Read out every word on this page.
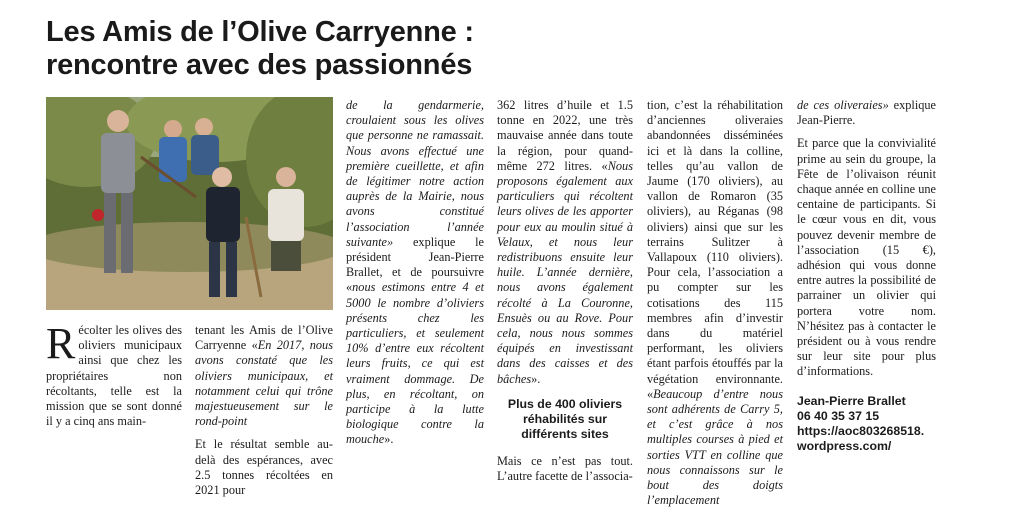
Les Amis de l’Olive Carryenne :
rencontre avec des passionnés

Récolter les olives des oliviers municipaux ainsi que chez les propriétaires non récoltants, telle est la mission que se sont donné il y a cinq ans main-

tenant les Amis de l’Olive Carryenne «En 2017, nous avons constaté que les oliviers municipaux, et notamment celui qui trône majestueusement sur le rond-point

Et le résultat semble au-delà des espérances, avec 2.5 tonnes récoltées en 2021 pour

de la gendarmerie, croulaient sous les olives que personne ne ramassait. Nous avons effectué une première cueillette, et afin de légitimer notre action auprès de la Mairie, nous avons constitué l’association l’année suivante» explique le président Jean-Pierre Brallet, et de poursuivre «nous estimons entre 4 et 5000 le nombre d’oliviers présents chez les particuliers, et seulement 10% d’entre eux récoltent leurs fruits, ce qui est vraiment dommage. De plus, en récoltant, on participe à la lutte biologique contre la mouche».

362 litres d’huile et 1.5 tonne en 2022, une très mauvaise année dans toute la région, pour quand-même 272 litres. «Nous proposons également aux particuliers qui récoltent leurs olives de les apporter pour eux au moulin situé à Velaux, et nous leur redistribuons ensuite leur huile. L’année dernière, nous avons également récolté à La Couronne, Ensuès ou au Rove. Pour cela, nous nous sommes équipés en investissant dans des caisses et des bâches».

Plus de 400 oliviers réhabilités sur différents sites

Mais ce n’est pas tout. L’autre facette de l’associa-

tion, c’est la réhabilitation d’anciennes oliveraies abandonnées disséminées ici et là dans la colline, telles qu’au vallon de Jaume (170 oliviers), au vallon de Romaron (35 oliviers), au Réganas (98 oliviers) ainsi que sur les terrains Sulitzer à Vallapoux (110 oliviers). Pour cela, l’association a pu compter sur les cotisations des 115 membres afin d’investir dans du matériel performant, les oliviers étant parfois étouffés par la végétation environnante. «Beaucoup d’entre nous sont adhérents de Carry 5, et c’est grâce à nos multiples courses à pied et sorties VTT en colline que nous connaissons sur le bout des doigts l’emplacement

de ces oliveraies» explique Jean-Pierre.

Et parce que la convivialité prime au sein du groupe, la Fête de l’olivaison réunit chaque année en colline une centaine de participants. Si le cœur vous en dit, vous pouvez devenir membre de l’association (15 €), adhésion qui vous donne entre autres la possibilité de parrainer un olivier qui portera votre nom. N’hésitez pas à contacter le président ou à vous rendre sur leur site pour plus d’informations.

Jean-Pierre Brallet
06 40 35 37 15
https://aoc803268518.
wordpress.com/
